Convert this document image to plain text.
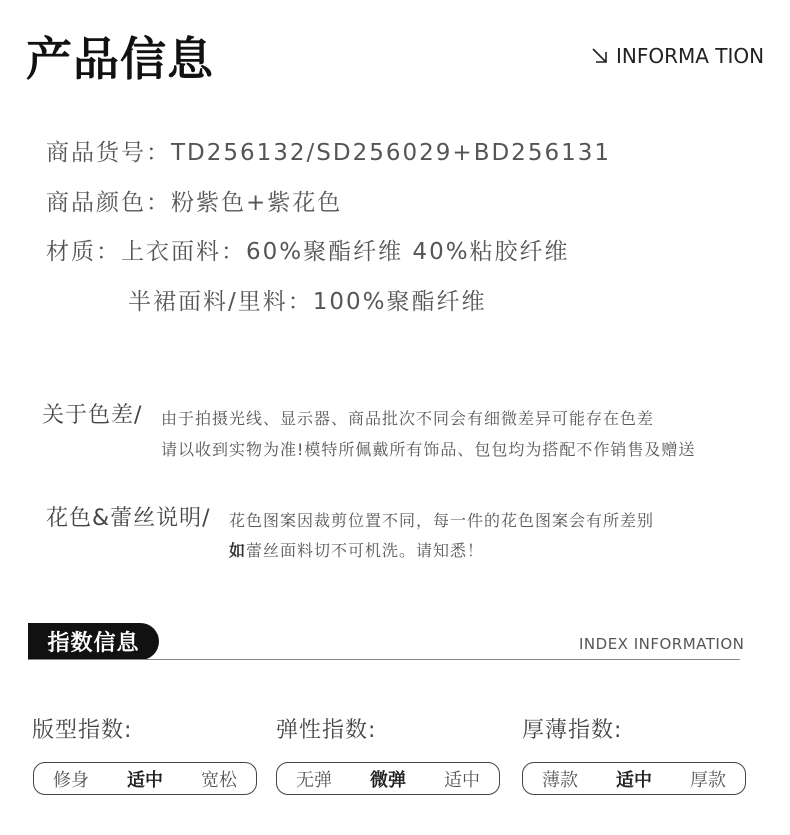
产品信息	INFORMA TION
商品货号：TD256132/SD256029+BD256131
商品颜色：粉紫色+紫花色
材质：上衣面料：60%聚酯纤维 40%粘胶纤维
半裙面料/里料：100%聚酯纤维
关于色差/ 由于拍摄光线、显示器、商品批次不同会有细微差异可能存在色差
请以收到实物为准!模特所佩戴所有饰品、包包均为搭配不作销售及赠送
花色&蕾丝说明/ 花色图案因裁剪位置不同，每一件的花色图案会有所差别
如蕾丝面料切不可机洗。请知悉！
指数信息	INDEX INFORMATION
版型指数:	弹性指数:	厚薄指数:
修身 适中 宽松	无弹 微弹 适中	薄款 适中 厚款
